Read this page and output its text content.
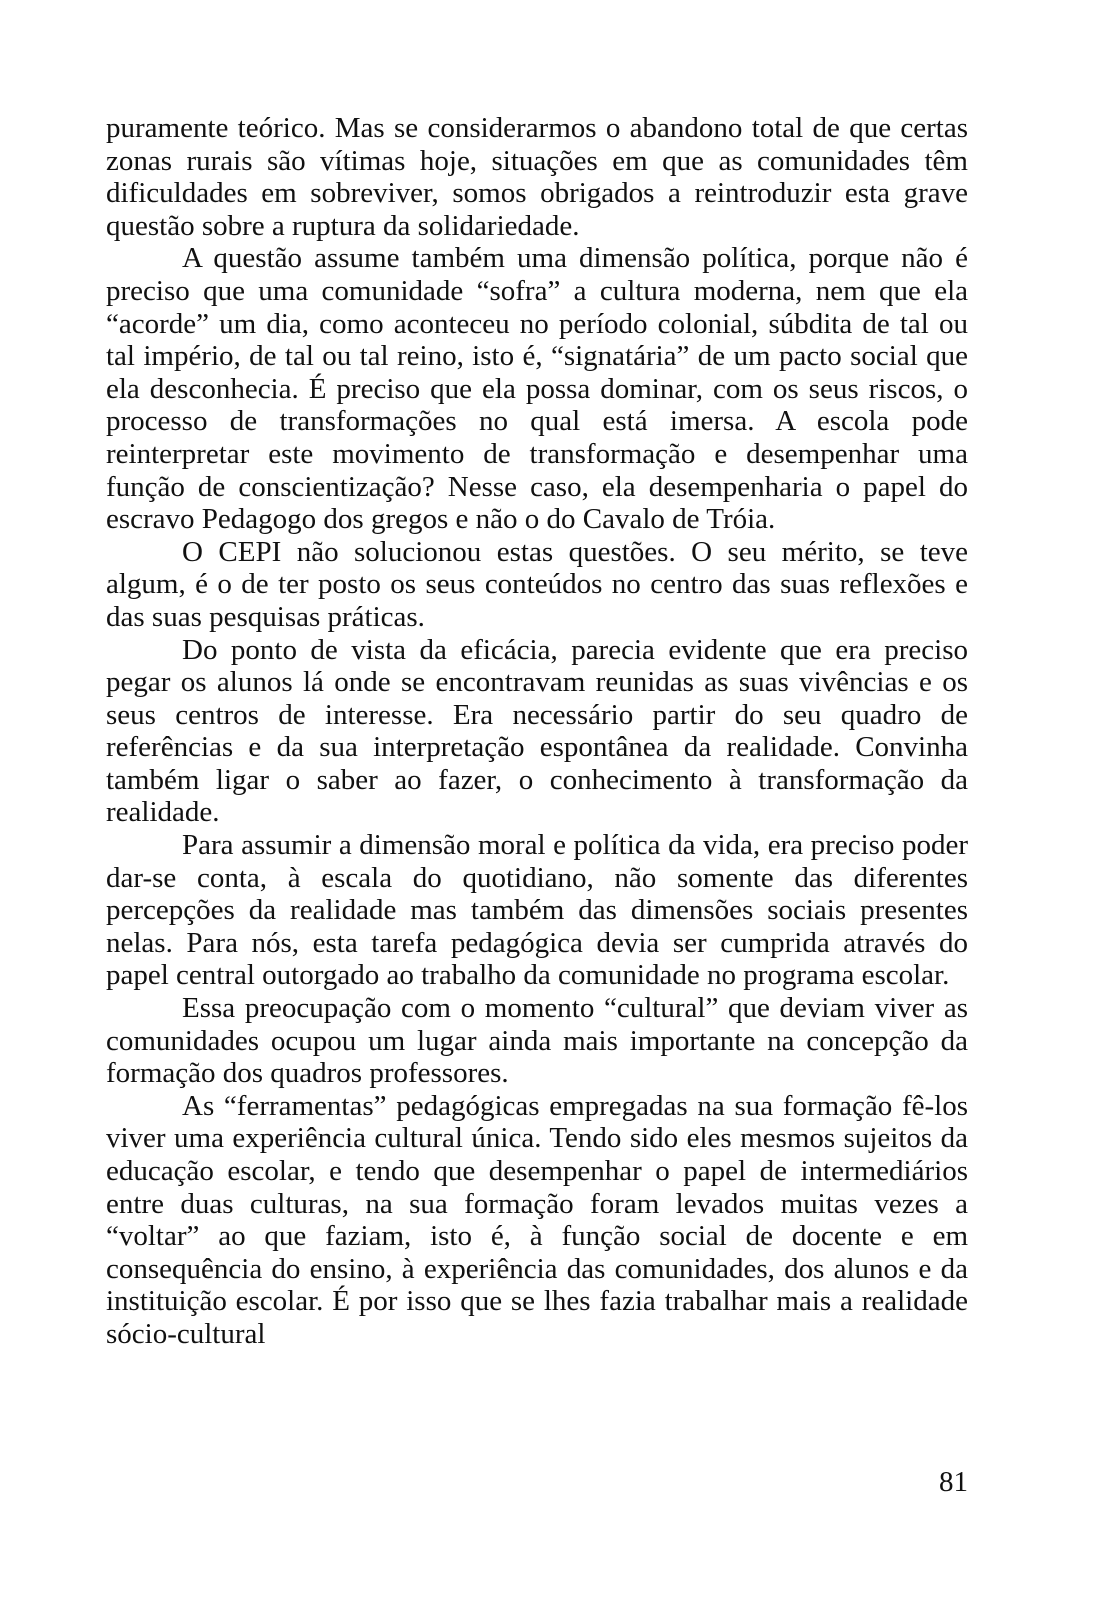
puramente teórico. Mas se considerarmos o abandono total de que certas zonas rurais são vítimas hoje, situações em que as comunidades têm dificuldades em sobreviver, somos obrigados a reintroduzir esta grave questão sobre a ruptura da solidariedade.

A questão assume também uma dimensão política, porque não é preciso que uma comunidade “sofra” a cultura moderna, nem que ela “acorde” um dia, como aconteceu no período colonial, súbdita de tal ou tal império, de tal ou tal reino, isto é, “signatária” de um pacto social que ela desconhecia. É preciso que ela possa dominar, com os seus riscos, o processo de transformações no qual está imersa. A escola pode reinterpretar este movimento de transformação e desempenhar uma função de conscientização? Nesse caso, ela desempenharia o papel do escravo Pedagogo dos gregos e não o do Cavalo de Tróia.

O CEPI não solucionou estas questões. O seu mérito, se teve algum, é o de ter posto os seus conteúdos no centro das suas reflexões e das suas pesquisas práticas.

Do ponto de vista da eficácia, parecia evidente que era preciso pegar os alunos lá onde se encontravam reunidas as suas vivências e os seus centros de interesse. Era necessário partir do seu quadro de referências e da sua interpretação espontânea da realidade. Convinha também ligar o saber ao fazer, o conhecimento à transformação da realidade.

Para assumir a dimensão moral e política da vida, era preciso poder dar-se conta, à escala do quotidiano, não somente das diferentes percepções da realidade mas também das dimensões sociais presentes nelas. Para nós, esta tarefa pedagógica devia ser cumprida através do papel central outorgado ao trabalho da comunidade no programa escolar.

Essa preocupação com o momento “cultural” que deviam viver as comunidades ocupou um lugar ainda mais importante na concepção da formação dos quadros professores.

As “ferramentas” pedagógicas empregadas na sua formação fê-los viver uma experiência cultural única. Tendo sido eles mesmos sujeitos da educação escolar, e tendo que desempenhar o papel de intermediários entre duas culturas, na sua formação foram levados muitas vezes a “voltar” ao que faziam, isto é, à função social de docente e em consequência do ensino, à experiência das comunidades, dos alunos e da instituição escolar. É por isso que se lhes fazia trabalhar mais a realidade sócio-cultural

81
